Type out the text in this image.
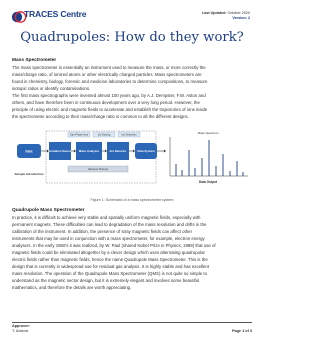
TRACES Centre	Last Updated: October 2020
Version: 2
Quadrupoles: How do they work?
Mass Spectrometer

The mass spectrometer is essentially an instrument used to measure the mass, or more correctly the

mass/charge ratio, of ionized atoms or other electrically charged particles. Mass spectrometers are

found in chemistry, biology, forensic and medicine laboratories to determine compositions, to measure

isotopic ratios or identify contaminations.

The first mass spectrographs were invented almost 100 years ago, by A.J. Dempster, F.W. Aston and

others, and have therefore been in continuous development over a very long period. However, the

principle of using electric and magnetic fields to accelerate and establish the trajectories of ions inside

the spectrometer according to their mass/charge ratio is common to all the different designs.

Gas Phase Ions	Ion Sorting	Ion Detection
Inlet	Ionization Source	Mass Analyser	Ion Detector	Data System
Vacuum Pumps
Sample Introduction
Mass Spectrum
Data Output
Figure 1: Schematic of a mass spectrometer system
Quadrupole Mass Spectrometer

In practice, it is difficult to achieve very stable and spatially uniform magnetic fields, especially with

permanent magnets. These difficulties can lead to degradation of the mass resolution and drifts in the

calibration of the instrument. In addition, the presence of stray magnetic fields can affect other

instruments that may be used in conjunction with a mass spectrometer, for example, electron energy

analysers. In the early 1950's it was realized, by W. Paul (shared Nobel Prize in Physics, 1989) that use of

magnetic fields could be eliminated altogether by a clever design which uses alternating quadrupolar

electric fields rather than magnetic fields, hence the name Quadrupole Mass Spectrometer. This is the

design that is currently in widespread use for residual gas analysis. It is highly stable and has excellent

mass resolution. The operation of the Quadrupole Mass Spectrometer (QMS) is not quite so simple to

understand as the magnetic sector design, but it is extremely elegant and involves some beautiful

mathematics, and therefore the details are worth appreciating.

Approver:
T. Adamic	Page 1 of 3
